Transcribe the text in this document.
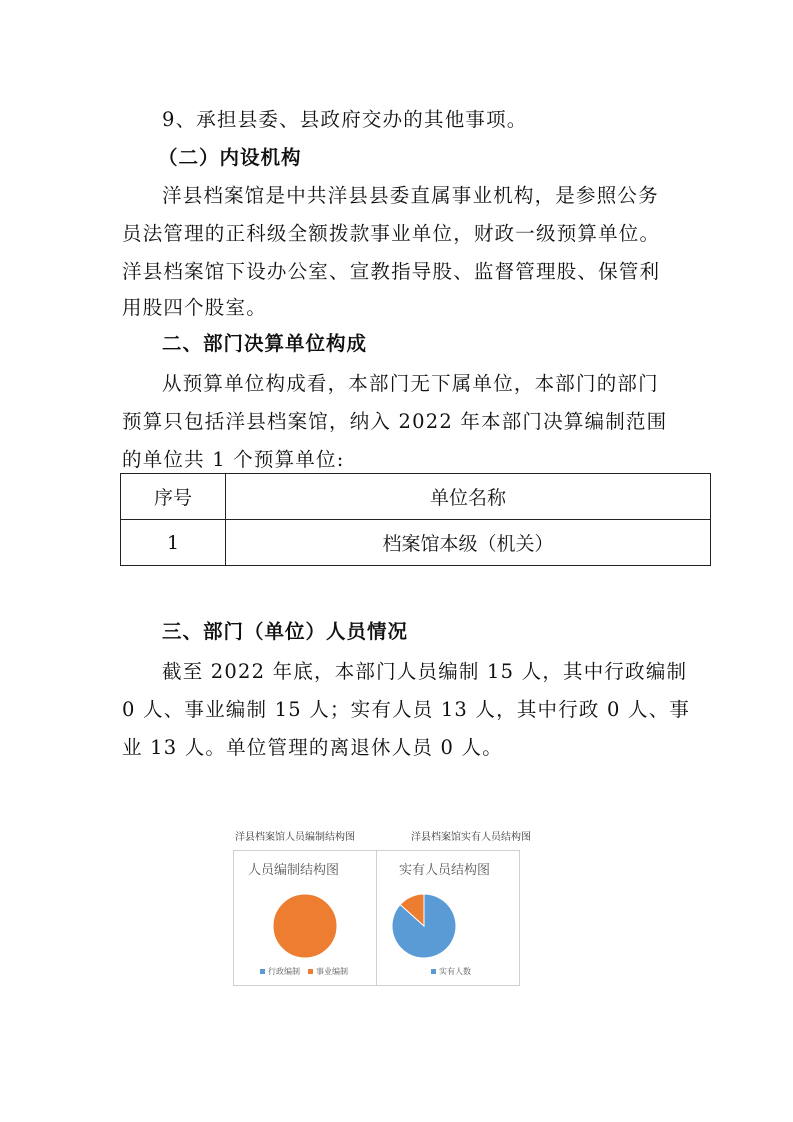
9、承担县委、县政府交办的其他事项。
（二）内设机构
洋县档案馆是中共洋县县委直属事业机构，是参照公务
员法管理的正科级全额拨款事业单位，财政一级预算单位。
洋县档案馆下设办公室、宣教指导股、监督管理股、保管利
用股四个股室。
二、部门决算单位构成
从预算单位构成看，本部门无下属单位，本部门的部门
预算只包括洋县档案馆，纳入 2022 年本部门决算编制范围
的单位共 1 个预算单位:
序号	单位名称
1	档案馆本级（机关）
三、部门（单位）人员情况
截至 2022 年底，本部门人员编制 15 人，其中行政编制
0 人、事业编制 15 人；实有人员 13 人，其中行政 0 人、事
业 13 人。单位管理的离退休人员 0 人。
洋县档案馆人员编制结构图	洋县档案馆实有人员结构图
人员编制结构图
行政编制	事业编制
实有人员结构图
实有人数
